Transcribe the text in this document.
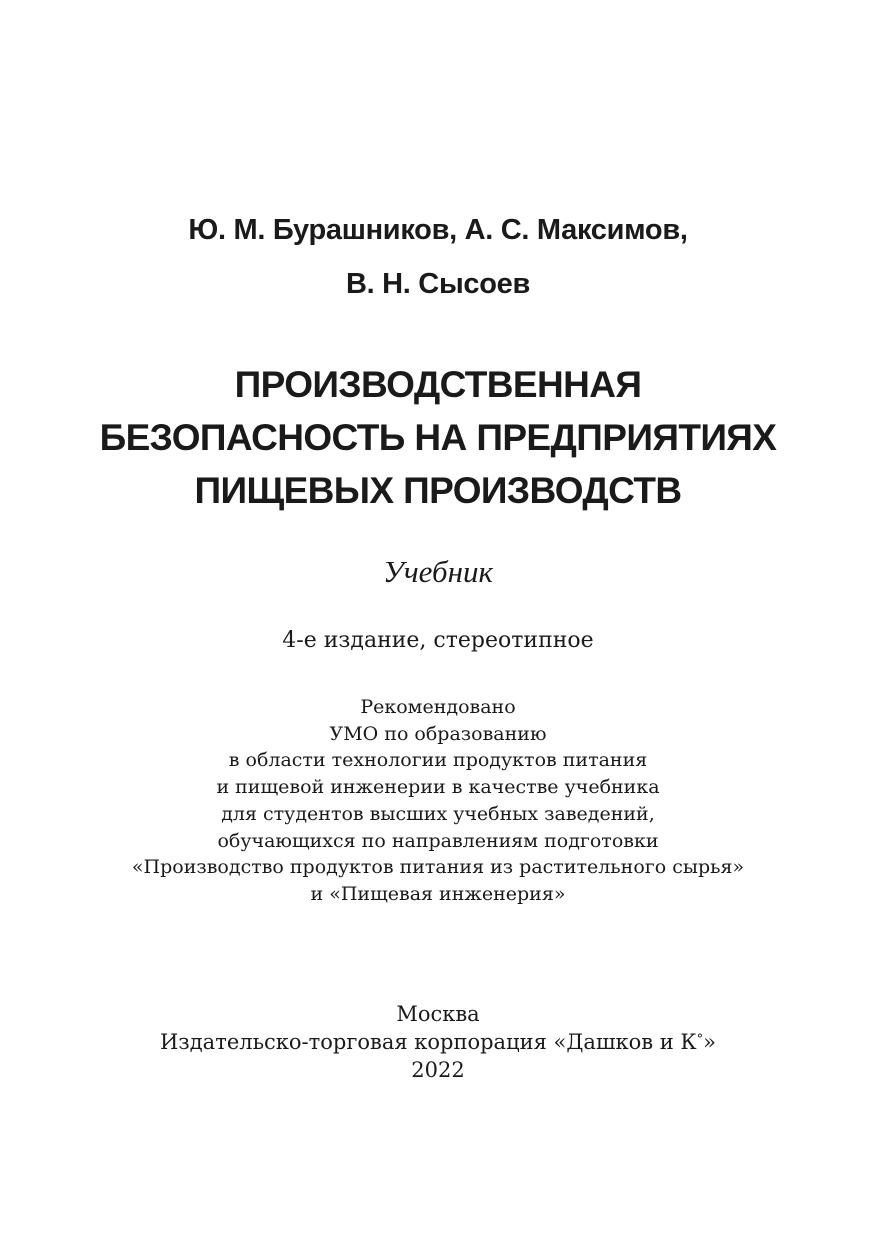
Ю. М. Бурашников, А. С. Максимов,
В. Н. Сысоев
ПРОИЗВОДСТВЕННАЯ
БЕЗОПАСНОСТЬ НА ПРЕДПРИЯТИЯХ
ПИЩЕВЫХ ПРОИЗВОДСТВ
Учебник
4-е издание, стереотипное
Рекомендовано
УМО по образованию
в области технологии продуктов питания
и пищевой инженерии в качестве учебника
для студентов высших учебных заведений,
обучающихся по направлениям подготовки
«Производство продуктов питания из растительного сырья»
и «Пищевая инженерия»
Москва
Издательско-торговая корпорация «Дашков и К°»
2022
